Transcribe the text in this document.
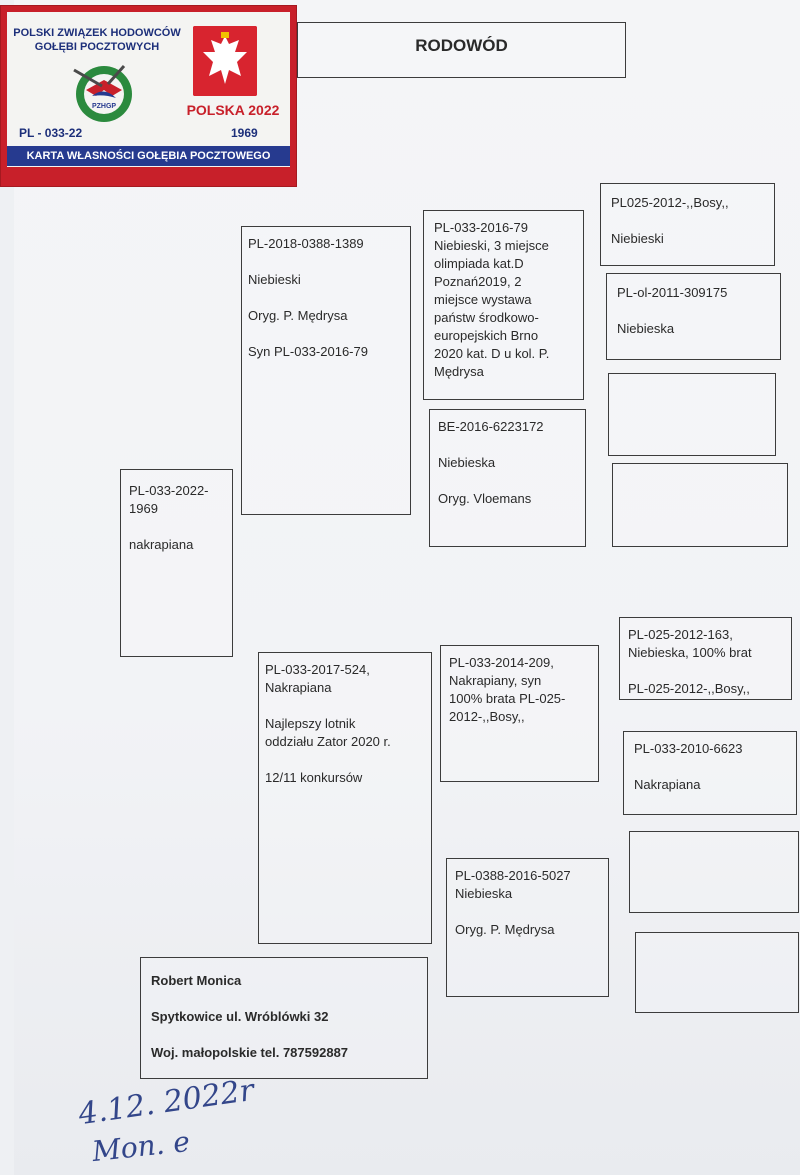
POLSKI ZWIĄZEK HODOWCÓW
GOŁĘBI POCZTOWYCH
PZHGP	POLSKA 2022
PL - 033-22	1969
KARTA WŁASNOŚCI GOŁĘBIA POCZTOWEGO
RODOWÓD

PL-033-2022-
1969

nakrapiana

PL-2018-0388-1389

Niebieski

Oryg. P. Mędrysa

Syn PL-033-2016-79

PL-033-2017-524,
Nakrapiana

Najlepszy lotnik
oddziału Zator 2020 r.

12/11 konkursów

PL-033-2016-79
Niebieski, 3 miejsce
olimpiada kat.D
Poznań2019, 2
miejsce wystawa
państw środkowo-
europejskich Brno
2020 kat. D u kol. P.
Mędrysa

BE-2016-6223172

Niebieska

Oryg. Vloemans

PL-033-2014-209,
Nakrapiany, syn
100% brata PL-025-
2012-,,Bosy,,

PL-0388-2016-5027
Niebieska

Oryg. P. Mędrysa

PL025-2012-,,Bosy,,

Niebieski

PL-ol-2011-309175

Niebieska

PL-025-2012-163,
Niebieska, 100% brat

PL-025-2012-,,Bosy,,

PL-033-2010-6623

Nakrapiana

Robert Monica

Spytkowice ul. Wróblówki 32

Woj. małopolskie tel. 787592887

4.12. 2022r
Mon. e
